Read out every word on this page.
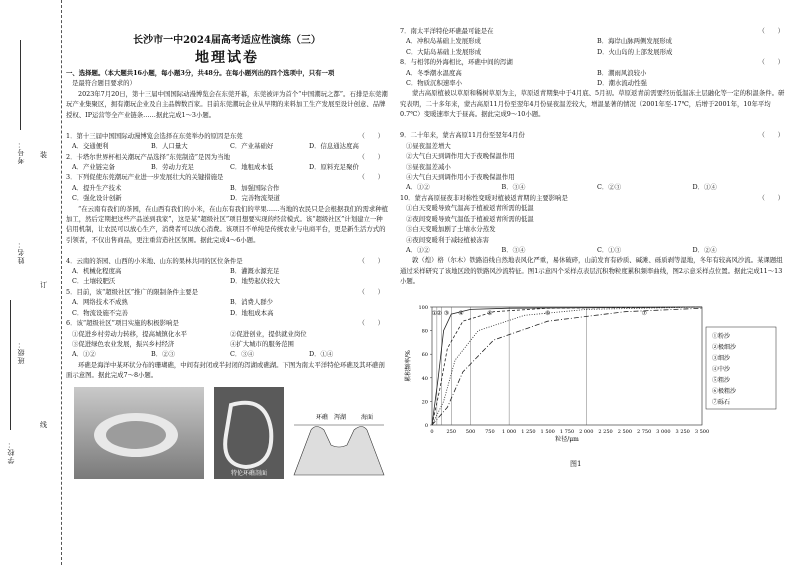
学校：
班级：
姓名：
考号： 装
订
线
长沙市一中2024届高考适应性演练（三）
地理试卷

一、选择题。（本大题共16小题，每小题3分，共48分。在每小题列出的四个选项中，只有一项

是最符合题目要求的）

2023年7月20日，第十三届中国国际动漫博览会在东莞开幕，东莞被评为首个“中国潮玩之都”。石排是东莞潮玩产业集聚区，拥有潮玩企业及自主品牌数百家。目前东莞潮玩企业从早期的来料加工生产发展至设计创意、品牌授权、IP运营等全产业链条……据此完成1～3小题。

1．第十三届中国国际动漫博览会选择在东莞举办的原因是东莞	（　　）

A．交通便利	B．人口量大	C．产业基础好	D．信息通达度高

2．卡塔尔世界杯相关潮玩产品选择“东莞制造”是因为当地	（　　）

A．产业链完备	B．劳动力充足	C．地租成本低	D．原料充足聚价

3．下列促使东莞潮玩产业进一步发展壮大的关键措施是	（　　）

A．提升生产技术	B．加强国际合作
C．强化设计创新	D．完善物流渠道

“在云南有我们的茶园，在山西有我们的小米，在山东有我们的苹果……当地的农民只是会根据我们的需求种植加工，然后定期把这些产品送到我家”，这是某“超级社区”项目想要实现的经营模式。该“超级社区”计划建立一种信用机制，让农民可以放心生产，消费者可以放心消费。该项目不单纯是传统农业与电商平台，更是新生活方式的引领者，不仅出售商品，更注重营造社区氛围。据此完成4～6小题。

4．云南的茶园、山西的小米地、山东的果林共同的区位条件是	（　　）

A．机械化程度高	B．灌溉水源充足
C．土壤较肥沃	D．地势起伏较大

5．目前，该“超级社区”推广的限制条件主要是	（　　）

A．网络技术不成熟	B．消费人群少
C．物流设施不完善	D．地租成本高

6．该“超级社区”项目实施的积极影响是	（　　）

①促进乡村劳动力转移，提高城镇化水平	②促进创业，提供就业岗位
③促进绿色农业发展，振兴乡村经济	④扩大城市的服务范围
A．①②	B．②③	C．③④	D．①④

环礁是海洋中某环状分布的珊瑚礁，中间有封闭或半封闭的泻湖或礁湖。下图为南太平洋特伦环礁及其环礁剖面示意图。据此完成7～8小题。

特伦环礁剖面
环礁 泻湖 海面

7．南太平洋特伦环礁最可能是在	（　　）

A．冲积岛基础上发展形成	B．海岸山脉两侧发展形成
C．大陆岛基础上发展形成	D．火山岛的上部发展形成

8．与相邻的外海相比，环礁中间的泻湖	（　　）

A．冬季潮水温度高	B．潮雨风浪较小
C．物质沉积速率小	D．潮水流动性强

蒙古高原植被以草原和稀树草原为主，草原返青期集中于4月底、5月初。草原返青前需要经历低温冻土层融化等一定的积温条件。研究表明，二十多年来，蒙古高原11月份至翌年4月份昼夜温差较大，增温显著的情况（2001年至-17℃，后增于2001年，10年平均0.7℃）变暖速率大于昼高。据此完成9～10小题。

9．二十年来，蒙古高原11月份至翌年4月份	（　　）

①昼夜温差增大

②大气白天到调作用大于夜晚保温作用

③昼夜温差减小

④大气白天到调作用小于夜晚保温作用

A．①②	B．③④	C．②③	D．①④

10．蒙古高原昼夜非对称性变暖对植被返青期的主要影响是	（　　）

①白天变暖导致气温高于植被返青所需的低温

②夜间变暖导致气温低于植被返青所需的低温

③白天变暖加剧了土壤水分蒸发

④夜间变暖利于减轻植被冻害

A．①②	B．③④	C．①③	D．②④

敦（煌）格（尔木）铁路沿线自然地表风化严重，易休破碎，山前发育有砂质、碱滩、砾质剥等湿地，冬年有较高风沙流。某课题组通过采样研究了该地区段的铁路风沙流特征。图1示意四个采样点表层沉积物粒度累积频率曲线，图2示意采样点位置。据此完成11～13小题。

0	250 500 750 1 000 1 250 1 500 1 750 2 000 2 250 2 500 2 750 3 000 3 250 3 500
0
20
40
60
80
100
粒径/μm
累积频率/%
① ② ③ ④	⑤	⑥	⑦
①粉沙
②极细沙
③细沙
④中沙
⑤粗沙
⑥极粗沙
⑦砾石
图1
